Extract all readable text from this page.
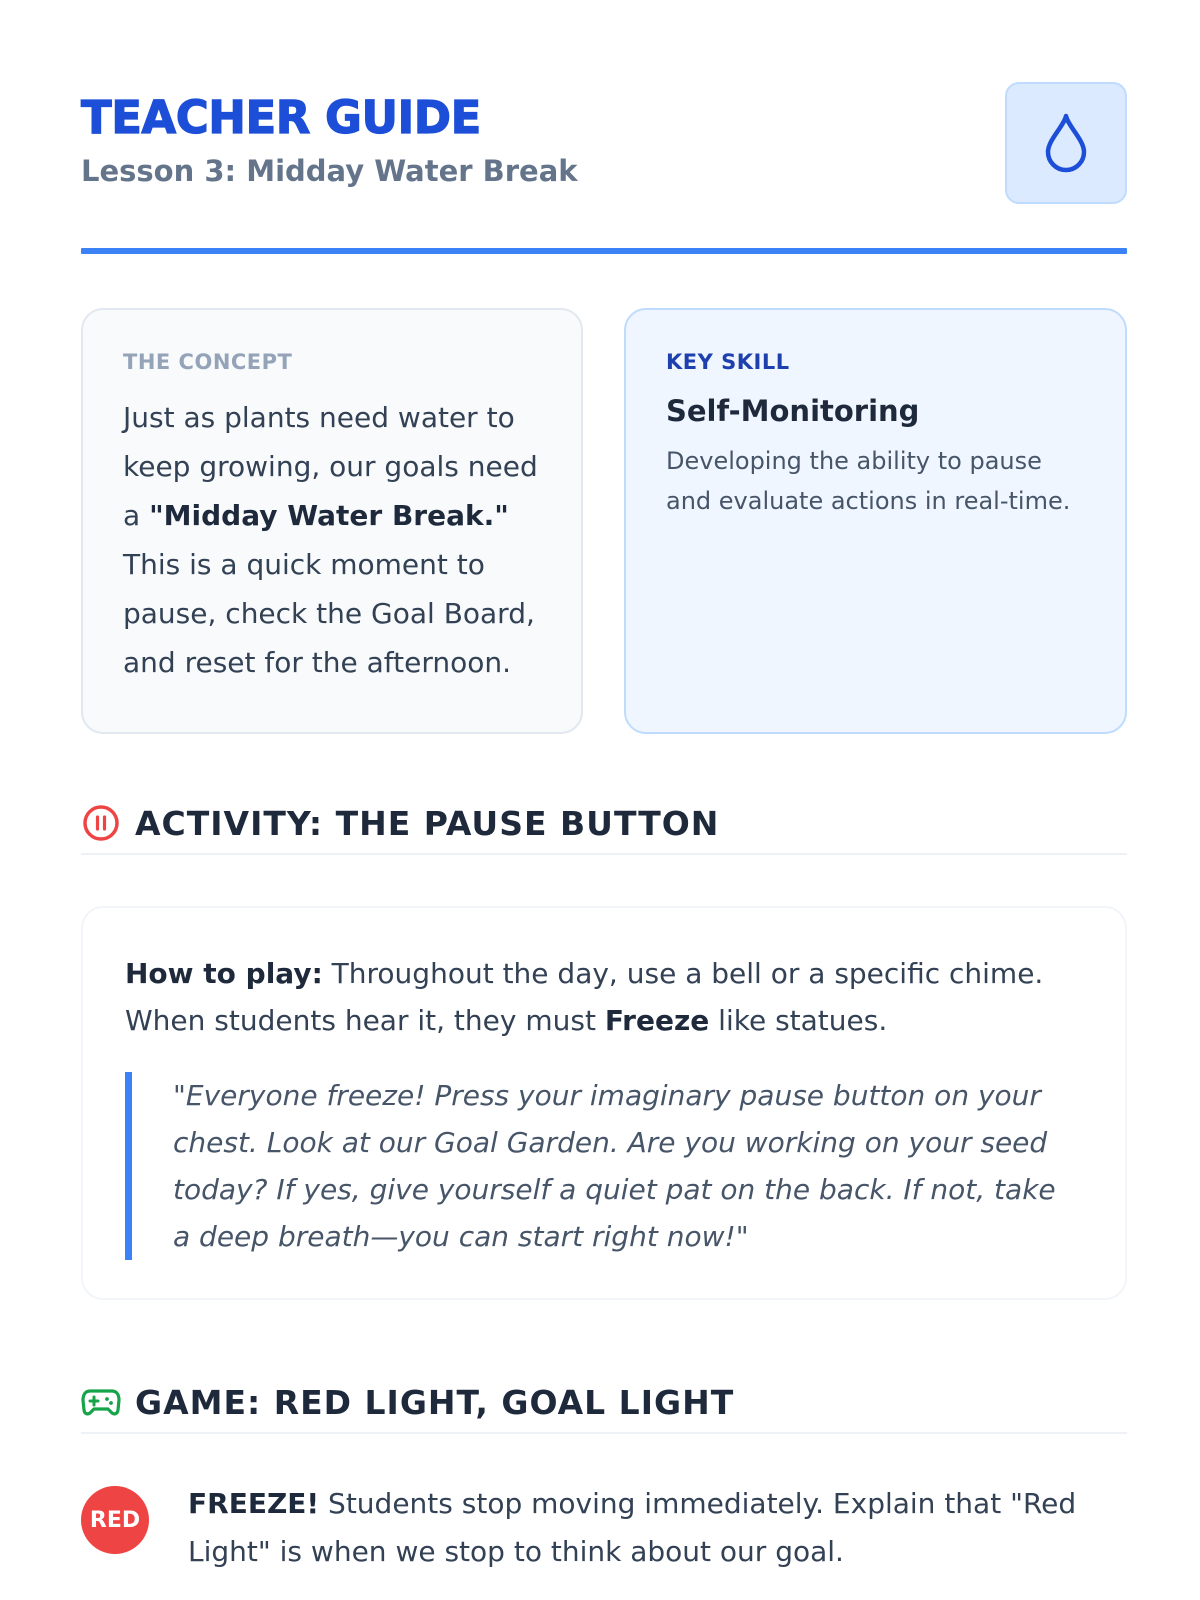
TEACHER GUIDE

Lesson 3: Midday Water Break

THE CONCEPT

Just as plants need water to keep growing, our goals need a "Midday Water Break." This is a quick moment to pause, check the Goal Board, and reset for the afternoon.

KEY SKILL

Self-Monitoring

Developing the ability to pause and evaluate actions in real-time.

ACTIVITY: THE PAUSE BUTTON

How to play: Throughout the day, use a bell or a specific chime. When students hear it, they must Freeze like statues.

"Everyone freeze! Press your imaginary pause button on your chest. Look at our Goal Garden. Are you working on your seed today? If yes, give yourself a quiet pat on the back. If not, take a deep breath—you can start right now!"

GAME: RED LIGHT, GOAL LIGHT
RED	FREEZE! Students stop moving immediately. Explain that "Red Light" is when we stop to think about our goal.
